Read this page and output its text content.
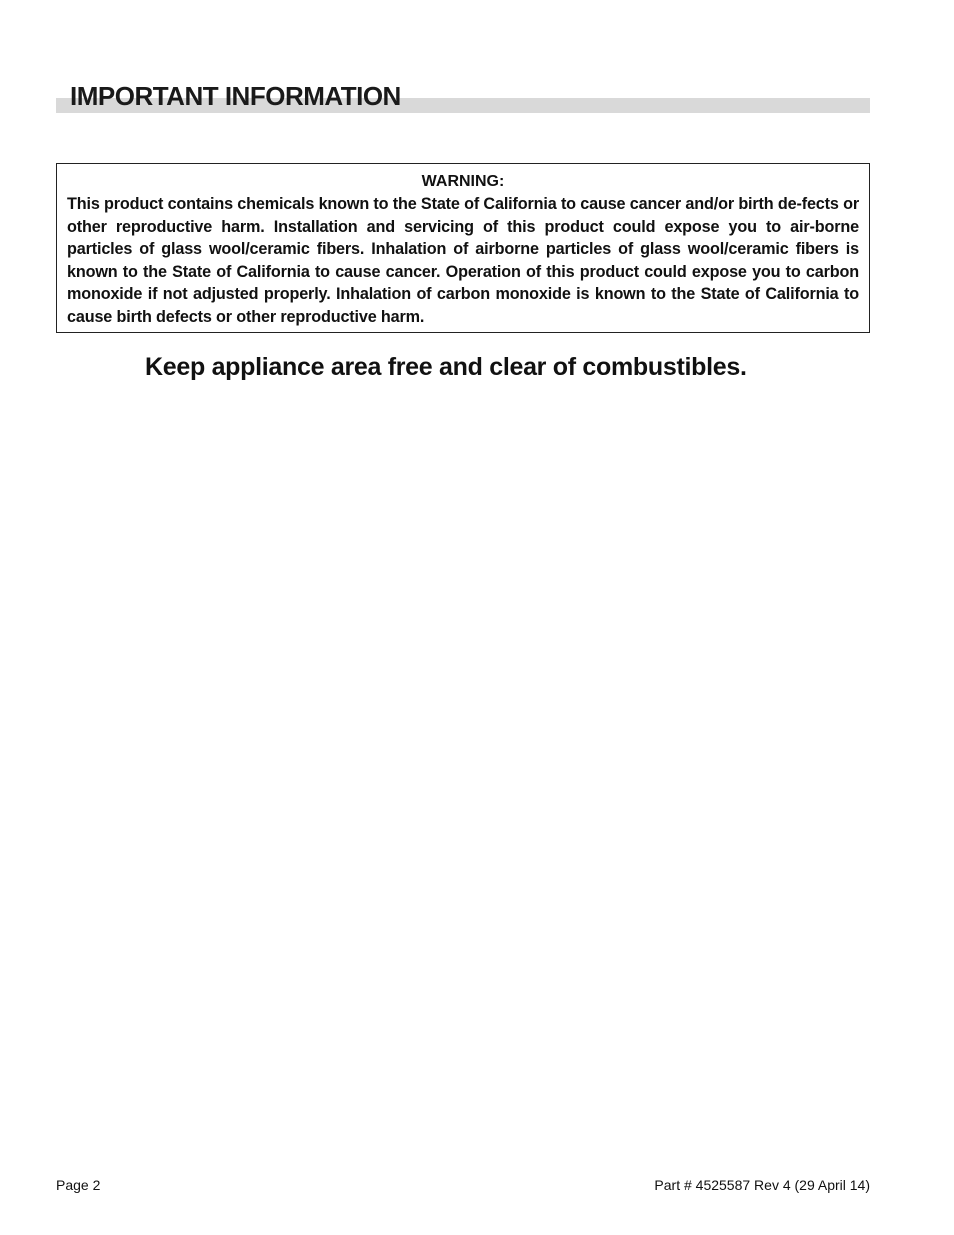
IMPORTANT INFORMATION

WARNING:

This product contains chemicals known to the State of California to cause cancer and/or birth de-fects or other reproductive harm. Installation and servicing of this product could expose you to air-borne particles of glass wool/ceramic fibers. Inhalation of airborne particles of glass wool/ceramic fibers is known to the State of California to cause cancer. Operation of this product could expose you to carbon monoxide if not adjusted properly. Inhalation of carbon monoxide is known to the State of California to cause birth defects or other reproductive harm.

Keep appliance area free and clear of combustibles.

Page 2	Part # 4525587 Rev 4 (29 April 14)
